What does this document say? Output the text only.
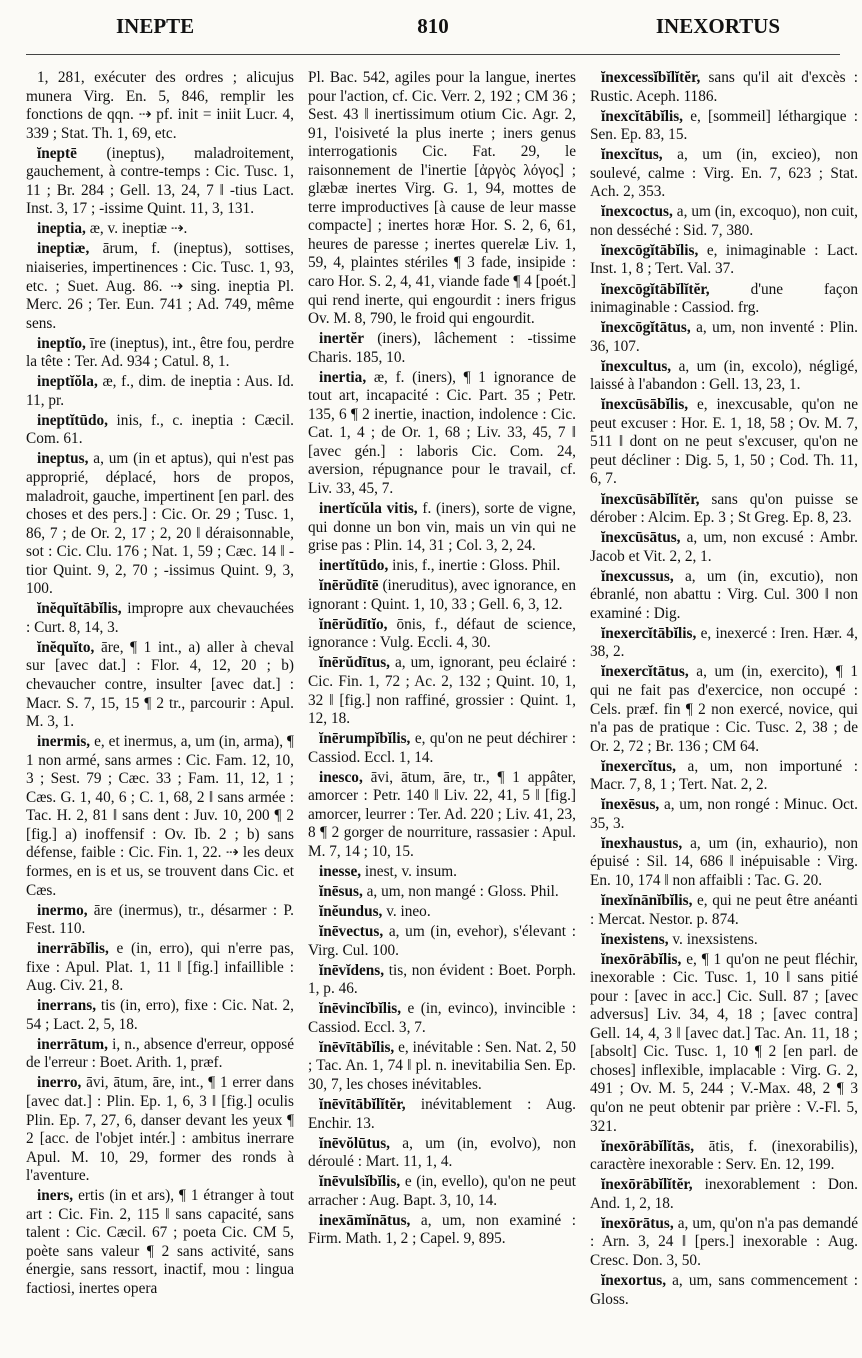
INEPTE	810	INEXORTUS

1, 281, exécuter des ordres ; alicujus munera Virg. En. 5, 846, remplir les fonctions de qqn. ⇢ pf. init = iniit Lucr. 4, 339 ; Stat. Th. 1, 69, etc.

ĭneptē (ineptus), maladroitement, gauchement, à contre-temps : Cic. Tusc. 1, 11 ; Br. 284 ; Gell. 13, 24, 7 ‖ -tius Lact. Inst. 3, 17 ; -issime Quint. 11, 3, 131.

ineptia, æ, v. ineptiæ ⇢.

ineptiæ, ārum, f. (ineptus), sottises, niaiseries, impertinences : Cic. Tusc. 1, 93, etc. ; Suet. Aug. 86. ⇢ sing. ineptia Pl. Merc. 26 ; Ter. Eun. 741 ; Ad. 749, même sens.

ineptĭo, īre (ineptus), int., être fou, perdre la tête : Ter. Ad. 934 ; Catul. 8, 1.

ineptĭŏla, æ, f., dim. de ineptia : Aus. Id. 11, pr.

ineptĭtūdo, inis, f., c. ineptia : Cæcil. Com. 61.

ineptus, a, um (in et aptus), qui n'est pas approprié, déplacé, hors de propos, maladroit, gauche, impertinent [en parl. des choses et des pers.] : Cic. Or. 29 ; Tusc. 1, 86, 7 ; de Or. 2, 17 ; 2, 20 ‖ déraisonnable, sot : Cic. Clu. 176 ; Nat. 1, 59 ; Cæc. 14 ‖ -tior Quint. 9, 2, 70 ; -issimus Quint. 9, 3, 100.

ĭnĕquĭtābĭlis, impropre aux chevauchées : Curt. 8, 14, 3.

ĭnĕquĭto, āre, ¶ 1 int., a) aller à cheval sur [avec dat.] : Flor. 4, 12, 20 ; b) chevaucher contre, insulter [avec dat.] : Macr. S. 7, 15, 15 ¶ 2 tr., parcourir : Apul. M. 3, 1.

inermis, e, et inermus, a, um (in, arma), ¶ 1 non armé, sans armes : Cic. Fam. 12, 10, 3 ; Sest. 79 ; Cæc. 33 ; Fam. 11, 12, 1 ; Cæs. G. 1, 40, 6 ; C. 1, 68, 2 ‖ sans armée : Tac. H. 2, 81 ‖ sans dent : Juv. 10, 200 ¶ 2 [fig.] a) inoffensif : Ov. Ib. 2 ; b) sans défense, faible : Cic. Fin. 1, 22. ⇢ les deux formes, en is et us, se trouvent dans Cic. et Cæs.

inermo, āre (inermus), tr., désarmer : P. Fest. 110.

inerrābĭlis, e (in, erro), qui n'erre pas, fixe : Apul. Plat. 1, 11 ‖ [fig.] infaillible : Aug. Civ. 21, 8.

inerrans, tis (in, erro), fixe : Cic. Nat. 2, 54 ; Lact. 2, 5, 18.

inerrātum, i, n., absence d'erreur, opposé de l'erreur : Boet. Arith. 1, præf.

inerro, āvi, ātum, āre, int., ¶ 1 errer dans [avec dat.] : Plin. Ep. 1, 6, 3 ‖ [fig.] oculis Plin. Ep. 7, 27, 6, danser devant les yeux ¶ 2 [acc. de l'objet intér.] : ambitus inerrare Apul. M. 10, 29, former des ronds à l'aventure.

iners, ertis (in et ars), ¶ 1 étranger à tout art : Cic. Fin. 2, 115 ‖ sans capacité, sans talent : Cic. Cæcil. 67 ; poeta Cic. CM 5, poète sans valeur ¶ 2 sans activité, sans énergie, sans ressort, inactif, mou : lingua factiosi, inertes opera

Pl. Bac. 542, agiles pour la langue, inertes pour l'action, cf. Cic. Verr. 2, 192 ; CM 36 ; Sest. 43 ‖ inertissimum otium Cic. Agr. 2, 91, l'oisiveté la plus inerte ; iners genus interrogationis Cic. Fat. 29, le raisonnement de l'inertie [ἀργὸς λόγος] ; glæbæ inertes Virg. G. 1, 94, mottes de terre improductives [à cause de leur masse compacte] ; inertes horæ Hor. S. 2, 6, 61, heures de paresse ; inertes querelæ Liv. 1, 59, 4, plaintes stériles ¶ 3 fade, insipide : caro Hor. S. 2, 4, 41, viande fade ¶ 4 [poét.] qui rend inerte, qui engourdit : iners frigus Ov. M. 8, 790, le froid qui engourdit.

inertĕr (iners), lâchement : -tissime Charis. 185, 10.

inertia, æ, f. (iners), ¶ 1 ignorance de tout art, incapacité : Cic. Part. 35 ; Petr. 135, 6 ¶ 2 inertie, inaction, indolence : Cic. Cat. 1, 4 ; de Or. 1, 68 ; Liv. 33, 45, 7 ‖ [avec gén.] : laboris Cic. Com. 24, aversion, répugnance pour le travail, cf. Liv. 33, 45, 7.

inertĭcŭla vitis, f. (iners), sorte de vigne, qui donne un bon vin, mais un vin qui ne grise pas : Plin. 14, 31 ; Col. 3, 2, 24.

inertĭtūdo, inis, f., inertie : Gloss. Phil.

ĭnērŭdītē (ineruditus), avec ignorance, en ignorant : Quint. 1, 10, 33 ; Gell. 6, 3, 12.

ĭnērŭdītĭo, ōnis, f., défaut de science, ignorance : Vulg. Eccli. 4, 30.

ĭnērŭdītus, a, um, ignorant, peu éclairé : Cic. Fin. 1, 72 ; Ac. 2, 132 ; Quint. 10, 1, 32 ‖ [fig.] non raffiné, grossier : Quint. 1, 12, 18.

ĭnērumpĭbĭlis, e, qu'on ne peut déchirer : Cassiod. Eccl. 1, 14.

inesco, āvi, ātum, āre, tr., ¶ 1 appâter, amorcer : Petr. 140 ‖ Liv. 22, 41, 5 ‖ [fig.] amorcer, leurrer : Ter. Ad. 220 ; Liv. 41, 23, 8 ¶ 2 gorger de nourriture, rassasier : Apul. M. 7, 14 ; 10, 15.

inesse, inest, v. insum.

ĭnēsus, a, um, non mangé : Gloss. Phil.

ĭnĕundus, v. ineo.

ĭnēvectus, a, um (in, evehor), s'élevant : Virg. Cul. 100.

ĭnēvĭdens, tis, non évident : Boet. Porph. 1, p. 46.

ĭnēvincĭbĭlis, e (in, evinco), invincible : Cassiod. Eccl. 3, 7.

ĭnēvītābĭlis, e, inévitable : Sen. Nat. 2, 50 ; Tac. An. 1, 74 ‖ pl. n. inevitabilia Sen. Ep. 30, 7, les choses inévitables.

ĭnēvītābĭlĭtĕr, inévitablement : Aug. Enchir. 13.

ĭnēvŏlūtus, a, um (in, evolvo), non déroulé : Mart. 11, 1, 4.

ĭnēvulsĭbĭlis, e (in, evello), qu'on ne peut arracher : Aug. Bapt. 3, 10, 14.

inexāmĭnātus, a, um, non examiné : Firm. Math. 1, 2 ; Capel. 9, 895.

ĭnexcessĭbĭlĭtĕr, sans qu'il ait d'excès : Rustic. Aceph. 1186.

ĭnexcĭtābĭlis, e, [sommeil] léthargique : Sen. Ep. 83, 15.

ĭnexcĭtus, a, um (in, excieo), non soulevé, calme : Virg. En. 7, 623 ; Stat. Ach. 2, 353.

ĭnexcoctus, a, um (in, excoquo), non cuit, non desséché : Sid. 7, 380.

ĭnexcōgĭtābĭlis, e, inimaginable : Lact. Inst. 1, 8 ; Tert. Val. 37.

ĭnexcōgĭtābĭlĭtĕr,	d'une façon inimaginable : Cassiod. frg.

ĭnexcōgĭtātus, a, um, non inventé : Plin. 36, 107.

ĭnexcultus, a, um (in, excolo), négligé, laissé à l'abandon : Gell. 13, 23, 1.

ĭnexcūsābĭlis, e, inexcusable, qu'on ne peut excuser : Hor. E. 1, 18, 58 ; Ov. M. 7, 511 ‖ dont on ne peut s'excuser, qu'on ne peut décliner : Dig. 5, 1, 50 ; Cod. Th. 11, 6, 7.

ĭnexcūsābĭlĭtĕr, sans qu'on puisse se dérober : Alcim. Ep. 3 ; St Greg. Ep. 8, 23.

ĭnexcūsātus, a, um, non excusé : Ambr. Jacob et Vit. 2, 2, 1.

ĭnexcussus, a, um (in, excutio), non ébranlé, non abattu : Virg. Cul. 300 ‖ non examiné : Dig.

ĭnexercĭtābĭlis, e, inexercé : Iren. Hær. 4, 38, 2.

ĭnexercĭtātus, a, um (in, exercito), ¶ 1 qui ne fait pas d'exercice, non occupé : Cels. præf. fin ¶ 2 non exercé, novice, qui n'a pas de pratique : Cic. Tusc. 2, 38 ; de Or. 2, 72 ; Br. 136 ; CM 64.

ĭnexercĭtus, a, um, non importuné : Macr. 7, 8, 1 ; Tert. Nat. 2, 2.

ĭnexēsus, a, um, non rongé : Minuc. Oct. 35, 3.

ĭnexhaustus, a, um (in, exhaurio), non épuisé : Sil. 14, 686 ‖ inépuisable : Virg. En. 10, 174 ‖ non affaibli : Tac. G. 20.

ĭnexĭnānĭbĭlis, e, qui ne peut être anéanti : Mercat. Nestor. p. 874.

ĭnexistens, v. inexsistens.

ĭnexōrābĭlis, e, ¶ 1 qu'on ne peut fléchir, inexorable : Cic. Tusc. 1, 10 ‖ sans pitié pour : [avec in acc.] Cic. Sull. 87 ; [avec adversus] Liv. 34, 4, 18 ; [avec contra] Gell. 14, 4, 3 ‖ [avec dat.] Tac. An. 11, 18 ; [absolt] Cic. Tusc. 1, 10 ¶ 2 [en parl. de choses] inflexible, implacable : Virg. G. 2, 491 ; Ov. M. 5, 244 ; V.-Max. 48, 2 ¶ 3 qu'on ne peut obtenir par prière : V.-Fl. 5, 321.

ĭnexōrābĭlĭtās, ātis, f. (inexorabilis), caractère inexorable : Serv. En. 12, 199.

ĭnexōrābĭlĭtĕr, inexorablement : Don. And. 1, 2, 18.

ĭnexōrātus, a, um, qu'on n'a pas demandé : Arn. 3, 24 ‖ [pers.] inexorable : Aug. Cresc. Don. 3, 50.

ĭnexortus, a, um, sans commencement : Gloss.
